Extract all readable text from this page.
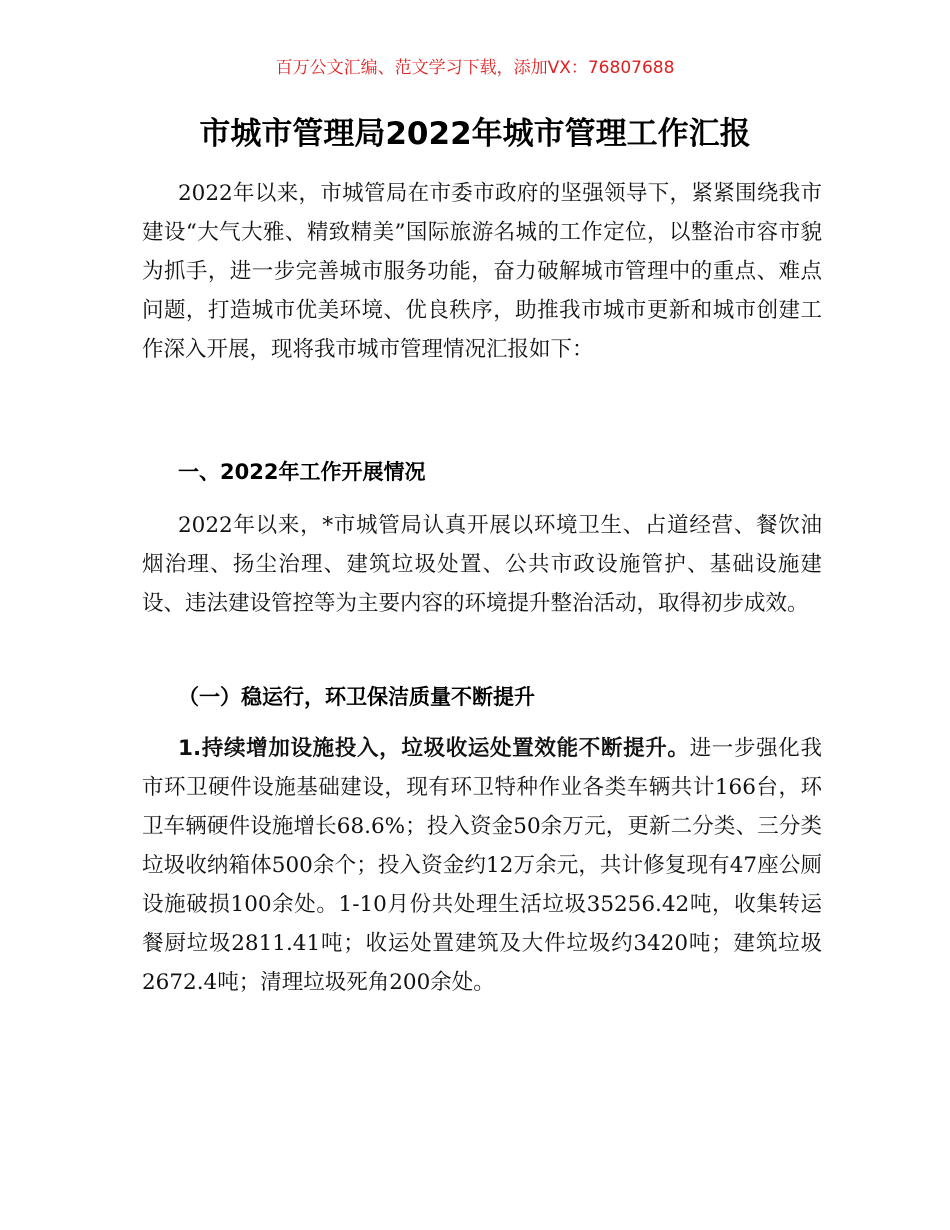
百万公文汇编、范文学习下载，添加VX：76807688
市城市管理局2022年城市管理工作汇报

2022年以来，市城管局在市委市政府的坚强领导下，紧紧围绕我市建设“大气大雅、精致精美”国际旅游名城的工作定位，以整治市容市貌为抓手，进一步完善城市服务功能，奋力破解城市管理中的重点、难点问题，打造城市优美环境、优良秩序，助推我市城市更新和城市创建工作深入开展，现将我市城市管理情况汇报如下：

一、2022年工作开展情况

2022年以来，*市城管局认真开展以环境卫生、占道经营、餐饮油烟治理、扬尘治理、建筑垃圾处置、公共市政设施管护、基础设施建设、违法建设管控等为主要内容的环境提升整治活动，取得初步成效。

（一）稳运行，环卫保洁质量不断提升

1.持续增加设施投入，垃圾收运处置效能不断提升。进一步强化我市环卫硬件设施基础建设，现有环卫特种作业各类车辆共计166台，环卫车辆硬件设施增长68.6%；投入资金50余万元，更新二分类、三分类垃圾收纳箱体500余个；投入资金约12万余元，共计修复现有47座公厕设施破损100余处。1-10月份共处理生活垃圾35256.42吨，收集转运餐厨垃圾2811.41吨；收运处置建筑及大件垃圾约3420吨；建筑垃圾2672.4吨；清理垃圾死角200余处。
